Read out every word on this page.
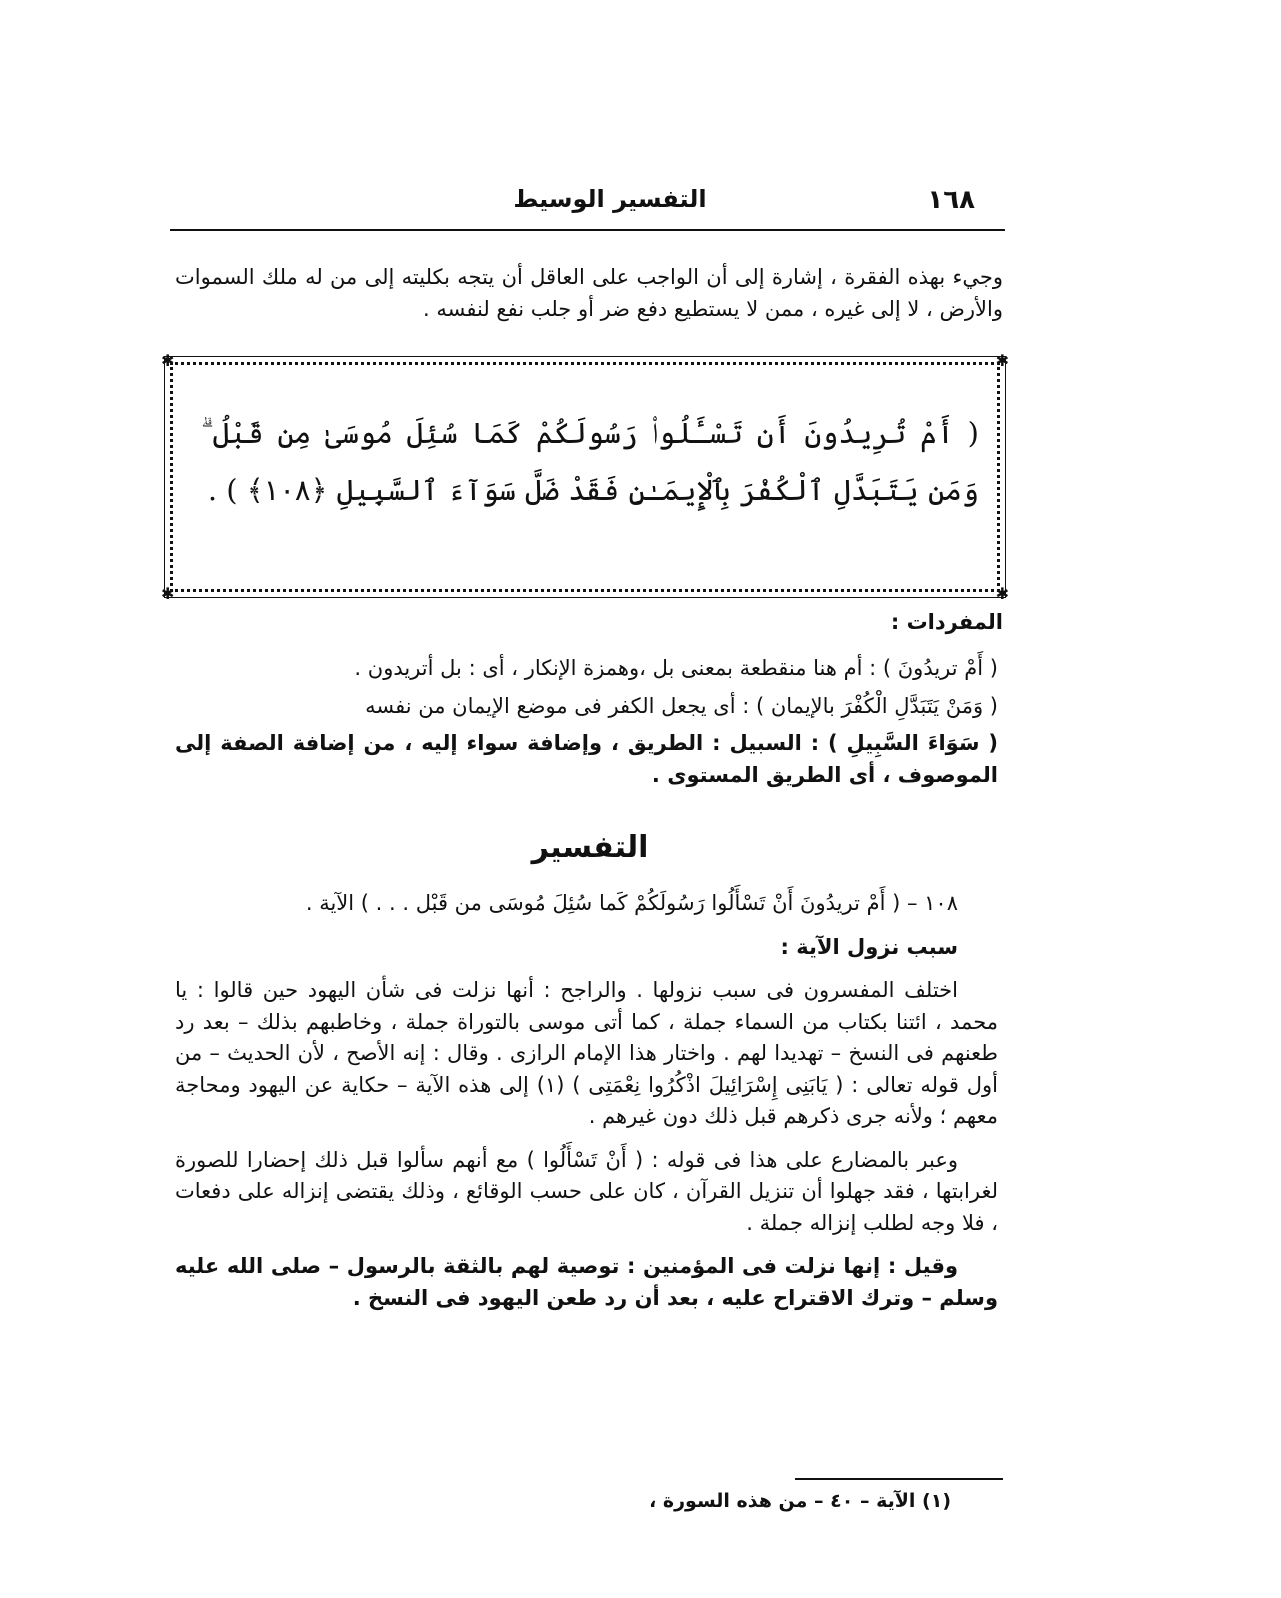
١٦٨
التفسير الوسيط

وجيء بهذه الفقرة ، إشارة إلى أن الواجب على العاقل أن يتجه بكليته إلى من له ملك السموات والأرض ، لا إلى غيره ، ممن لا يستطيع دفع ضر أو جلب نفع لنفسه .

✱	✱
✱	✱
( أَمْ تُرِيدُونَ أَن تَسْـَٔلُوا۟ رَسُولَكُمْ كَمَا سُئِلَ مُوسَىٰ مِن قَبْلُ ۗ وَمَن يَتَبَدَّلِ ٱلْكُفْرَ بِٱلْإِيمَـٰنِ فَقَدْ ضَلَّ سَوَآءَ ٱلسَّبِيلِ ﴿١٠٨﴾ ) .
المفردات :

( أَمْ تريدُونَ ) : أم هنا منقطعة بمعنى بل ،وهمزة الإنكار ، أى : بل أتريدون .

( وَمَنْ يَتَبَدَّلِ الْكُفْرَ بالإيمان ) : أى يجعل الكفر فى موضع الإيمان من نفسه

( سَوَاءَ السَّبِيلِ ) : السبيل : الطريق ، وإضافة سواء إليه ، من إضافة الصفة إلى الموصوف ، أى الطريق المستوى .

التفسير

١٠٨ – ( أَمْ تريدُونَ أَنْ تَسْأَلُوا رَسُولَكُمْ كَما سُئِلَ مُوسَى من قَبْل . . . ) الآية .

سبب نزول الآية :

اختلف المفسرون فى سبب نزولها . والراجح : أنها نزلت فى شأن اليهود حين قالوا : يا محمد ، ائتنا بكتاب من السماء جملة ، كما أتى موسى بالتوراة جملة ، وخاطبهم بذلك – بعد رد طعنهم فى النسخ – تهديدا لهم . واختار هذا الإمام الرازى . وقال : إنه الأصح ، لأن الحديث – من أول قوله تعالى : ( يَابَنِى إِسْرَائِيلَ اذْكُرُوا نِعْمَتِى ) (١) إلى هذه الآية – حكاية عن اليهود ومحاجة معهم ؛ ولأنه جرى ذكرهم قبل ذلك دون غيرهم .

وعبر بالمضارع على هذا فى قوله : ( أَنْ تَسْأَلُوا ) مع أنهم سألوا قبل ذلك إحضارا للصورة لغرابتها ، فقد جهلوا أن تنزيل القرآن ، كان على حسب الوقائع ، وذلك يقتضى إنزاله على دفعات ، فلا وجه لطلب إنزاله جملة .

وقيل : إنها نزلت فى المؤمنين : توصية لهم بالثقة بالرسول – صلى الله عليه وسلم – وترك الاقتراح عليه ، بعد أن رد طعن اليهود فى النسخ .

(١) الآية – ٤٠ – من هذه السورة ،
